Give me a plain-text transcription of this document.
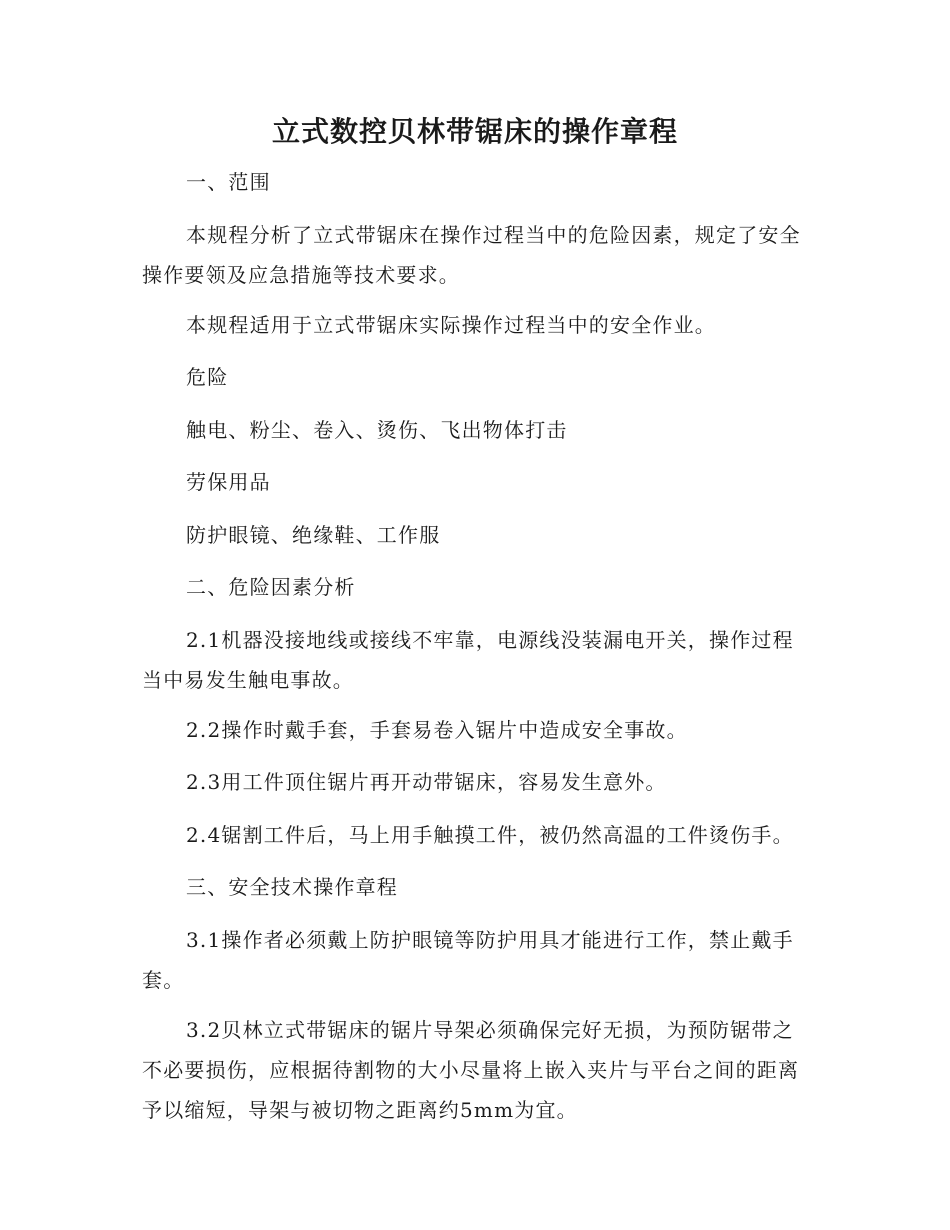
立式数控贝林带锯床的操作章程
一、范围
本规程分析了立式带锯床在操作过程当中的危险因素，规定了安全操作要领及应急措施等技术要求。
本规程适用于立式带锯床实际操作过程当中的安全作业。
危险
触电、粉尘、卷入、烫伤、飞出物体打击
劳保用品
防护眼镜、绝缘鞋、工作服
二、危险因素分析
2.1机器没接地线或接线不牢靠，电源线没装漏电开关，操作过程当中易发生触电事故。
2.2操作时戴手套，手套易卷入锯片中造成安全事故。
2.3用工件顶住锯片再开动带锯床，容易发生意外。
2.4锯割工件后，马上用手触摸工件，被仍然高温的工件烫伤手。
三、安全技术操作章程
3.1操作者必须戴上防护眼镜等防护用具才能进行工作，禁止戴手套。
3.2贝林立式带锯床的锯片导架必须确保完好无损，为预防锯带之不必要损伤，应根据待割物的大小尽量将上嵌入夹片与平台之间的距离予以缩短，导架与被切物之距离约5mm为宜。
